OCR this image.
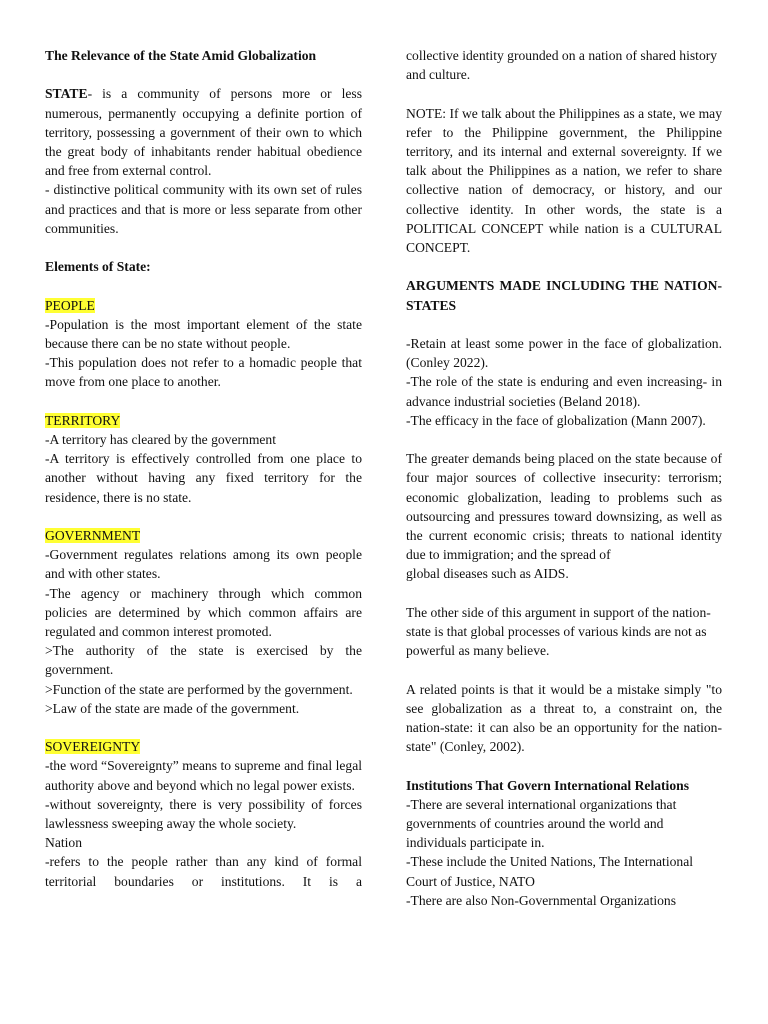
The Relevance of the State Amid Globalization

STATE- is a community of persons more or less numerous, permanently occupying a definite portion of territory, possessing a government of their own to which the great body of inhabitants render habitual obedience and free from external control.

- distinctive political community with its own set of rules and practices and that is more or less separate from other communities.

Elements of State:

PEOPLE

-Population is the most important element of the state because there can be no state without people.

-This population does not refer to a homadic people that move from one place to another.

TERRITORY

-A territory has cleared by the government

-A territory is effectively controlled from one place to another without having any fixed territory for the residence, there is no state.

GOVERNMENT

-Government regulates relations among its own people and with other states.

-The agency or machinery through which common policies are determined by which common affairs are regulated and common interest promoted.

>The authority of the state is exercised by the government.

>Function of the state are performed by the government.

>Law of the state are made of the government.

SOVEREIGNTY

-the word “Sovereignty” means to supreme and final legal authority above and beyond which no legal power exists.

-without sovereignty, there is very possibility of forces lawlessness sweeping away the whole society.

Nation

-refers to the people rather than any kind of formal territorial boundaries or institutions. It is a

collective identity grounded on a nation of shared history and culture.

NOTE: If we talk about the Philippines as a state, we may refer to the Philippine government, the Philippine territory, and its internal and external sovereignty. If we talk about the Philippines as a nation, we refer to share collective nation of democracy, or history, and our collective identity. In other words, the state is a POLITICAL CONCEPT while nation is a CULTURAL CONCEPT.

ARGUMENTS MADE INCLUDING THE NATION-STATES

-Retain at least some power in the face of globalization. (Conley 2022).

-The role of the state is enduring and even increasing- in advance industrial societies (Beland 2018).

-The efficacy in the face of globalization (Mann 2007).

The greater demands being placed on the state because of four major sources of collective insecurity: terrorism; economic globalization, leading to problems such as outsourcing and pressures toward downsizing, as well as the current economic crisis; threats to national identity due to immigration; and the spread of

global diseases such as AIDS.

The other side of this argument in support of the nation-state is that global processes of various kinds are not as powerful as many believe.

A related points is that it would be a mistake simply "to see globalization as a threat to, a constraint on, the nation-state: it can also be an opportunity for the nation-state" (Conley, 2002).

Institutions That Govern International Relations

-There are several international organizations that governments of countries around the world and individuals participate in.

-These include the United Nations, The International Court of Justice, NATO

-There are also Non-Governmental Organizations
